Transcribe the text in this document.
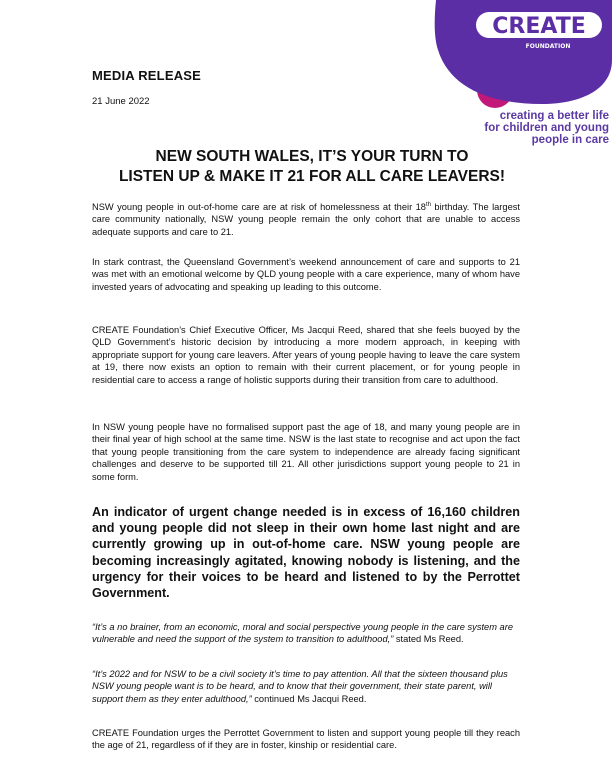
CREATE
FOUNDATION
creating a better life
for children and young
people in care
MEDIA RELEASE
21 June 2022
NEW SOUTH WALES, IT’S YOUR TURN TO
LISTEN UP & MAKE IT 21 FOR ALL CARE LEAVERS!
NSW young people in out-of-home care are at risk of homelessness at their 18th birthday. The largest care community nationally, NSW young people remain the only cohort that are unable to access adequate supports and care to 21.
In stark contrast, the Queensland Government’s weekend announcement of care and supports to 21 was met with an emotional welcome by QLD young people with a care experience, many of whom have invested years of advocating and speaking up leading to this outcome.
CREATE Foundation’s Chief Executive Officer, Ms Jacqui Reed, shared that she feels buoyed by the QLD Government’s historic decision by introducing a more modern approach, in keeping with appropriate support for young care leavers. After years of young people having to leave the care system at 19, there now exists an option to remain with their current placement, or for young people in residential care to access a range of holistic supports during their transition from care to adulthood.
In NSW young people have no formalised support past the age of 18, and many young people are in their final year of high school at the same time. NSW is the last state to recognise and act upon the fact that young people transitioning from the care system to independence are already facing significant challenges and deserve to be supported till 21. All other jurisdictions support young people to 21 in some form.
An indicator of urgent change needed is in excess of 16,160 children and young people did not sleep in their own home last night and are currently growing up in out-of-home care. NSW young people are becoming increasingly agitated, knowing nobody is listening, and the urgency for their voices to be heard and listened to by the Perrottet Government.
“It’s a no brainer, from an economic, moral and social perspective young people in the care system are vulnerable and need the support of the system to transition to adulthood,” stated Ms Reed.
“It’s 2022 and for NSW to be a civil society it’s time to pay attention. All that the sixteen thousand plus NSW young people want is to be heard, and to know that their government, their state parent, will support them as they enter adulthood,” continued Ms Jacqui Reed.
CREATE Foundation urges the Perrottet Government to listen and support young people till they reach the age of 21, regardless of if they are in foster, kinship or residential care.
